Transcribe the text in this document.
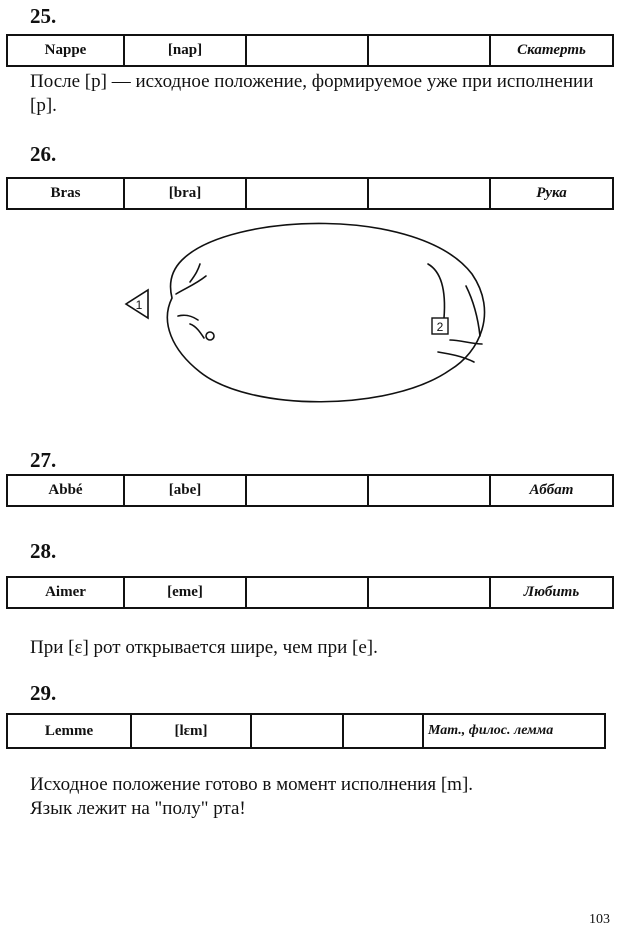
25.
Nappe	[nap]			Скатерть

После [p] — исходное положение, формируемое уже при исполнении [p].

26.
Bras	[bra]			Рука
1
2
27.
Abbé	[abe]			Аббат
28.
Aimer	[eme]			Любить

При [ɛ] рот открывается шире, чем при [e].

29.
Lemme	[lɛm]			Мат., филос. лемма

Исходное положение готово в момент исполнения [m].
Язык лежит на "полу" рта!

103
